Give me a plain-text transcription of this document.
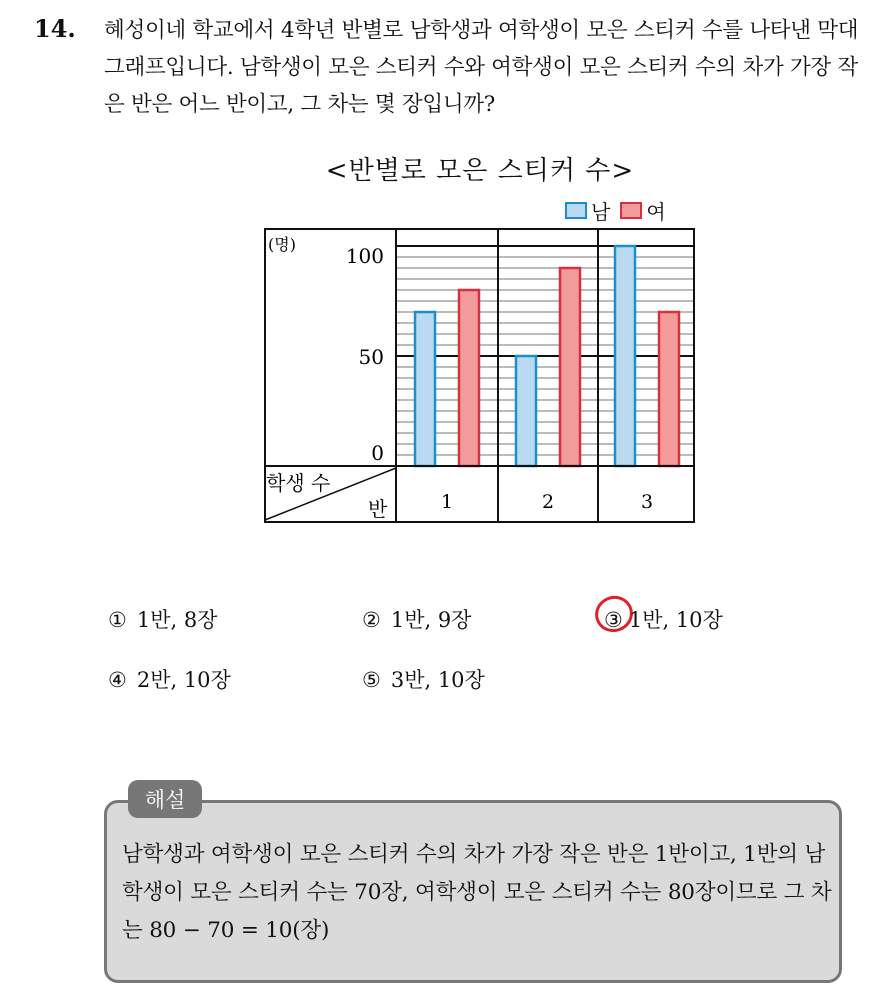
14. 혜성이네 학교에서 4학년 반별로 남학생과 여학생이 모은 스티커 수를 나타낸 막대그래프입니다. 남학생이 모은 스티커 수와 여학생이 모은 스티커 수의 차가 가장 작은 반은 어느 반이고, 그 차는 몇 장입니까?

<반별로 모은 스티커 수>
남 여
(명) 100
50
0
학생 수
반	1	2	3
① 1반, 8장	② 1반, 9장	③ 1반, 10장
④ 2반, 10장	⑤ 3반, 10장
해설

남학생과 여학생이 모은 스티커 수의 차가 가장 작은 반은 1반이고, 1반의 남학생이 모은 스티커 수는 70장, 여학생이 모은 스티커 수는 80장이므로 그 차는 80 − 70 = 10(장)
